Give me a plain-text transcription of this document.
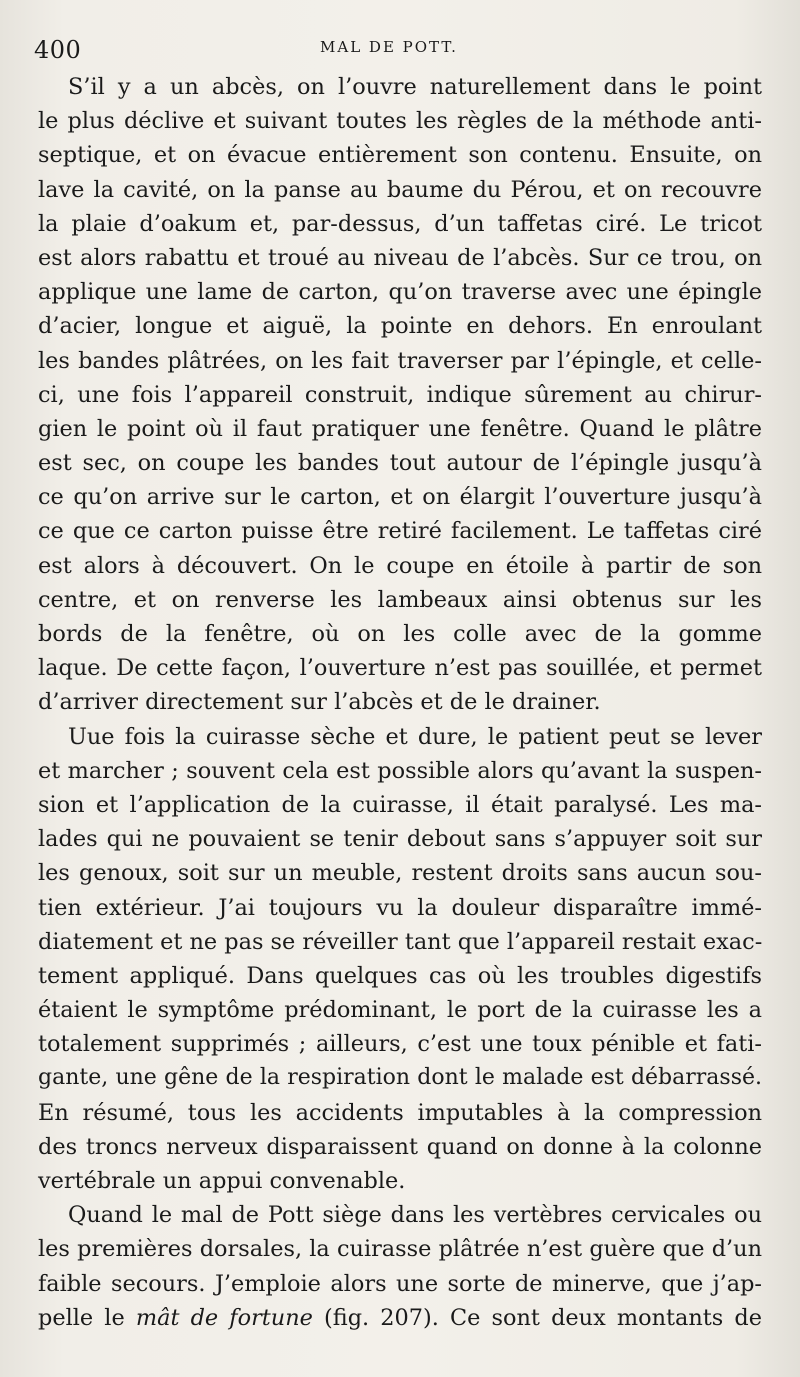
400	MAL DE POTT.
S’il y a un abcès, on l’ouvre naturellement dans le point
le plus déclive et suivant toutes les règles de la méthode anti-
septique, et on évacue entièrement son contenu. Ensuite, on
lave la cavité, on la panse au baume du Pérou, et on recouvre
la plaie d’oakum et, par-dessus, d’un taffetas ciré. Le tricot
est alors rabattu et troué au niveau de l’abcès. Sur ce trou, on
applique une lame de carton, qu’on traverse avec une épingle
d’acier, longue et aiguë, la pointe en dehors. En enroulant
les bandes plâtrées, on les fait traverser par l’épingle, et celle-
ci, une fois l’appareil construit, indique sûrement au chirur-
gien le point où il faut pratiquer une fenêtre. Quand le plâtre
est sec, on coupe les bandes tout autour de l’épingle jusqu’à
ce qu’on arrive sur le carton, et on élargit l’ouverture jusqu’à
ce que ce carton puisse être retiré facilement. Le taffetas ciré
est alors à découvert. On le coupe en étoile à partir de son
centre, et on renverse les lambeaux ainsi obtenus sur les
bords de la fenêtre, où on les colle avec de la gomme
laque. De cette façon, l’ouverture n’est pas souillée, et permet
d’arriver directement sur l’abcès et de le drainer.
Uue fois la cuirasse sèche et dure, le patient peut se lever
et marcher ; souvent cela est possible alors qu’avant la suspen-
sion et l’application de la cuirasse, il était paralysé. Les ma-
lades qui ne pouvaient se tenir debout sans s’appuyer soit sur
les genoux, soit sur un meuble, restent droits sans aucun sou-
tien extérieur. J’ai toujours vu la douleur disparaître immé-
diatement et ne pas se réveiller tant que l’appareil restait exac-
tement appliqué. Dans quelques cas où les troubles digestifs
étaient le symptôme prédominant, le port de la cuirasse les a
totalement supprimés ; ailleurs, c’est une toux pénible et fati-
gante, une gêne de la respiration dont le malade est débarrassé.
En résumé, tous les accidents imputables à la compression
des troncs nerveux disparaissent quand on donne à la colonne
vertébrale un appui convenable.
Quand le mal de Pott siège dans les vertèbres cervicales ou
les premières dorsales, la cuirasse plâtrée n’est guère que d’un
faible secours. J’emploie alors une sorte de minerve, que j’ap-
pelle le mât de fortune (fig. 207). Ce sont deux montants de
